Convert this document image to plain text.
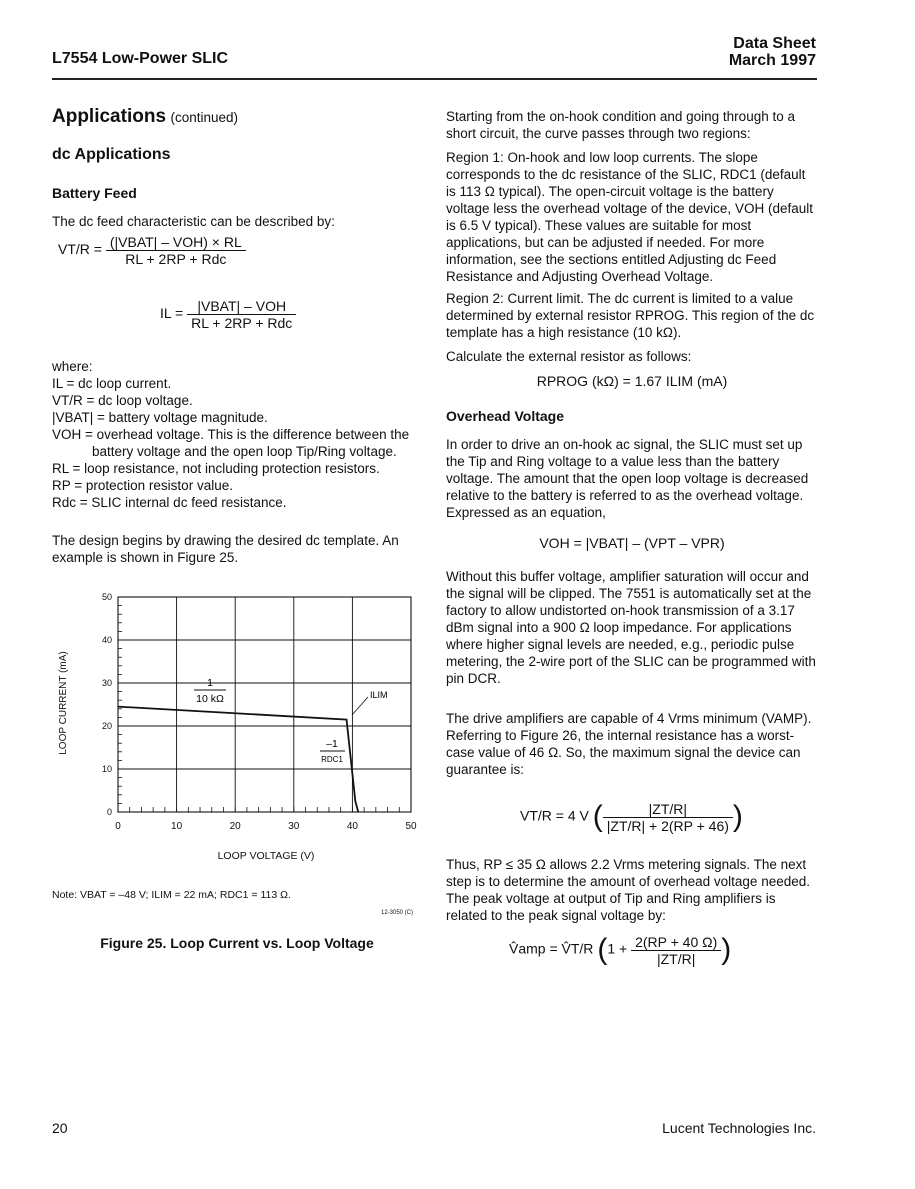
L7554 Low-Power SLIC
Data Sheet
March 1997
Applications (continued)
dc Applications
Battery Feed
The dc feed characteristic can be described by:
$VT/R = \frac{\text{(|VBAT| – VOH) × RL}}{\text{RL + 2RP + Rdc}}$
IL = $\frac{\text{|VBAT| – VOH}}{\text{RL + 2RP + Rdc}}$
where:
IL = dc loop current.
VT/R = dc loop voltage.
|VBAT| = battery voltage magnitude.
VOH = overhead voltage. This is the difference between the battery voltage and the open loop Tip/Ring voltage.
RL = loop resistance, not including protection resistors.
RP = protection resistor value.
Rdc = SLIC internal dc feed resistance.
The design begins by drawing the desired dc template. An example is shown in Figure 25.
0	10	20	30	40	50
0
10
20
30
40
50
LOOP CURRENT (mA)
LOOP VOLTAGE (V)
1
10 kΩ	ILIM
–1
RDC1
Note: VBAT = –48 V; ILIM = 22 mA; RDC1 = 113 Ω.
12-3050 (C)
Figure 25. Loop Current vs. Loop Voltage
Starting from the on-hook condition and going through to a short circuit, the curve passes through two regions:
Region 1: On-hook and low loop currents. The slope corresponds to the dc resistance of the SLIC, RDC1 (default is 113 Ω typical). The open-circuit voltage is the battery voltage less the overhead voltage of the device, VOH (default is 6.5 V typical). These values are suitable for most applications, but can be adjusted if needed. For more information, see the sections entitled Adjusting dc Feed Resistance and Adjusting Overhead Voltage.
Region 2: Current limit. The dc current is limited to a value determined by external resistor RPROG. This region of the dc template has a high resistance (10 kΩ).
Calculate the external resistor as follows:
RPROG (kΩ) = 1.67 ILIM (mA)
Overhead Voltage
In order to drive an on-hook ac signal, the SLIC must set up the Tip and Ring voltage to a value less than the battery voltage. The amount that the open loop voltage is decreased relative to the battery is referred to as the overhead voltage. Expressed as an equation,
VOH = |VBAT| – (VPT – VPR)
Without this buffer voltage, amplifier saturation will occur and the signal will be clipped. The 7551 is automatically set at the factory to allow undistorted on-hook transmission of a 3.17 dBm signal into a 900 Ω loop impedance. For applications where higher signal levels are needed, e.g., periodic pulse metering, the 2-wire port of the SLIC can be programmed with pin DCR.
The drive amplifiers are capable of 4 Vrms minimum (VAMP). Referring to Figure 26, the internal resistance has a worst-case value of 46 Ω. So, the maximum signal the device can guarantee is:
VT/R = 4 V ( $\frac{|ZT/R|}{|ZT/R| + 2(RP + 46)}$ )
Thus, RP ≤ 35 Ω allows 2.2 Vrms metering signals. The next step is to determine the amount of overhead voltage needed. The peak voltage at output of Tip and Ring amplifiers is related to the peak signal voltage by:
V̂amp = V̂T/R ($1 + \frac{2(RP + 40 \Omega)}{|ZT/R|}$ )
20	Lucent Technologies Inc.
